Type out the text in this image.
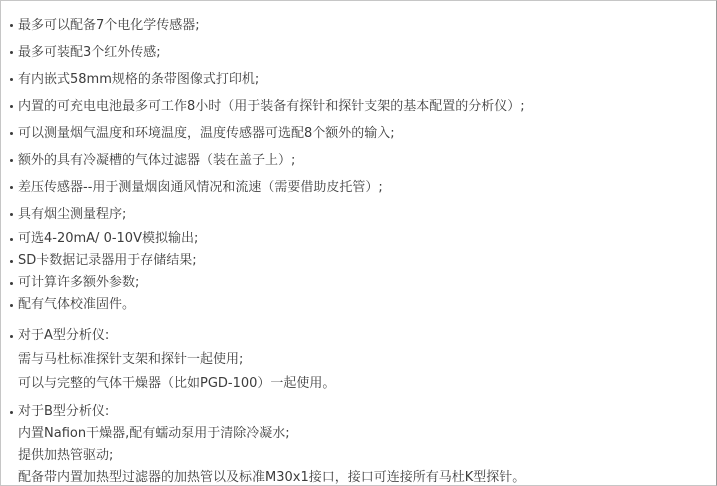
最多可以配备7个电化学传感器;
最多可装配3个红外传感;
有内嵌式58mm规格的条带图像式打印机;
内置的可充电电池最多可工作8小时（用于装备有探针和探针支架的基本配置的分析仪）;
可以测量烟气温度和环境温度，温度传感器可选配8个额外的输入;
额外的具有冷凝槽的气体过滤器（装在盖子上）;
差压传感器--用于测量烟囱通风情况和流速（需要借助皮托管）;
具有烟尘测量程序;
可选4-20mA/ 0-10V模拟输出;
SD卡数据记录器用于存储结果;
可计算许多额外参数;
配有气体校准固件。
对于A型分析仪:
需与马杜标准探针支架和探针一起使用;
可以与完整的气体干燥器（比如PGD-100）一起使用。
对于B型分析仪:
内置Nafion干燥器,配有蠕动泵用于清除冷凝水;
提供加热管驱动;
配备带内置加热型过滤器的加热管以及标准M30x1接口，接口可连接所有马杜K型探针。
